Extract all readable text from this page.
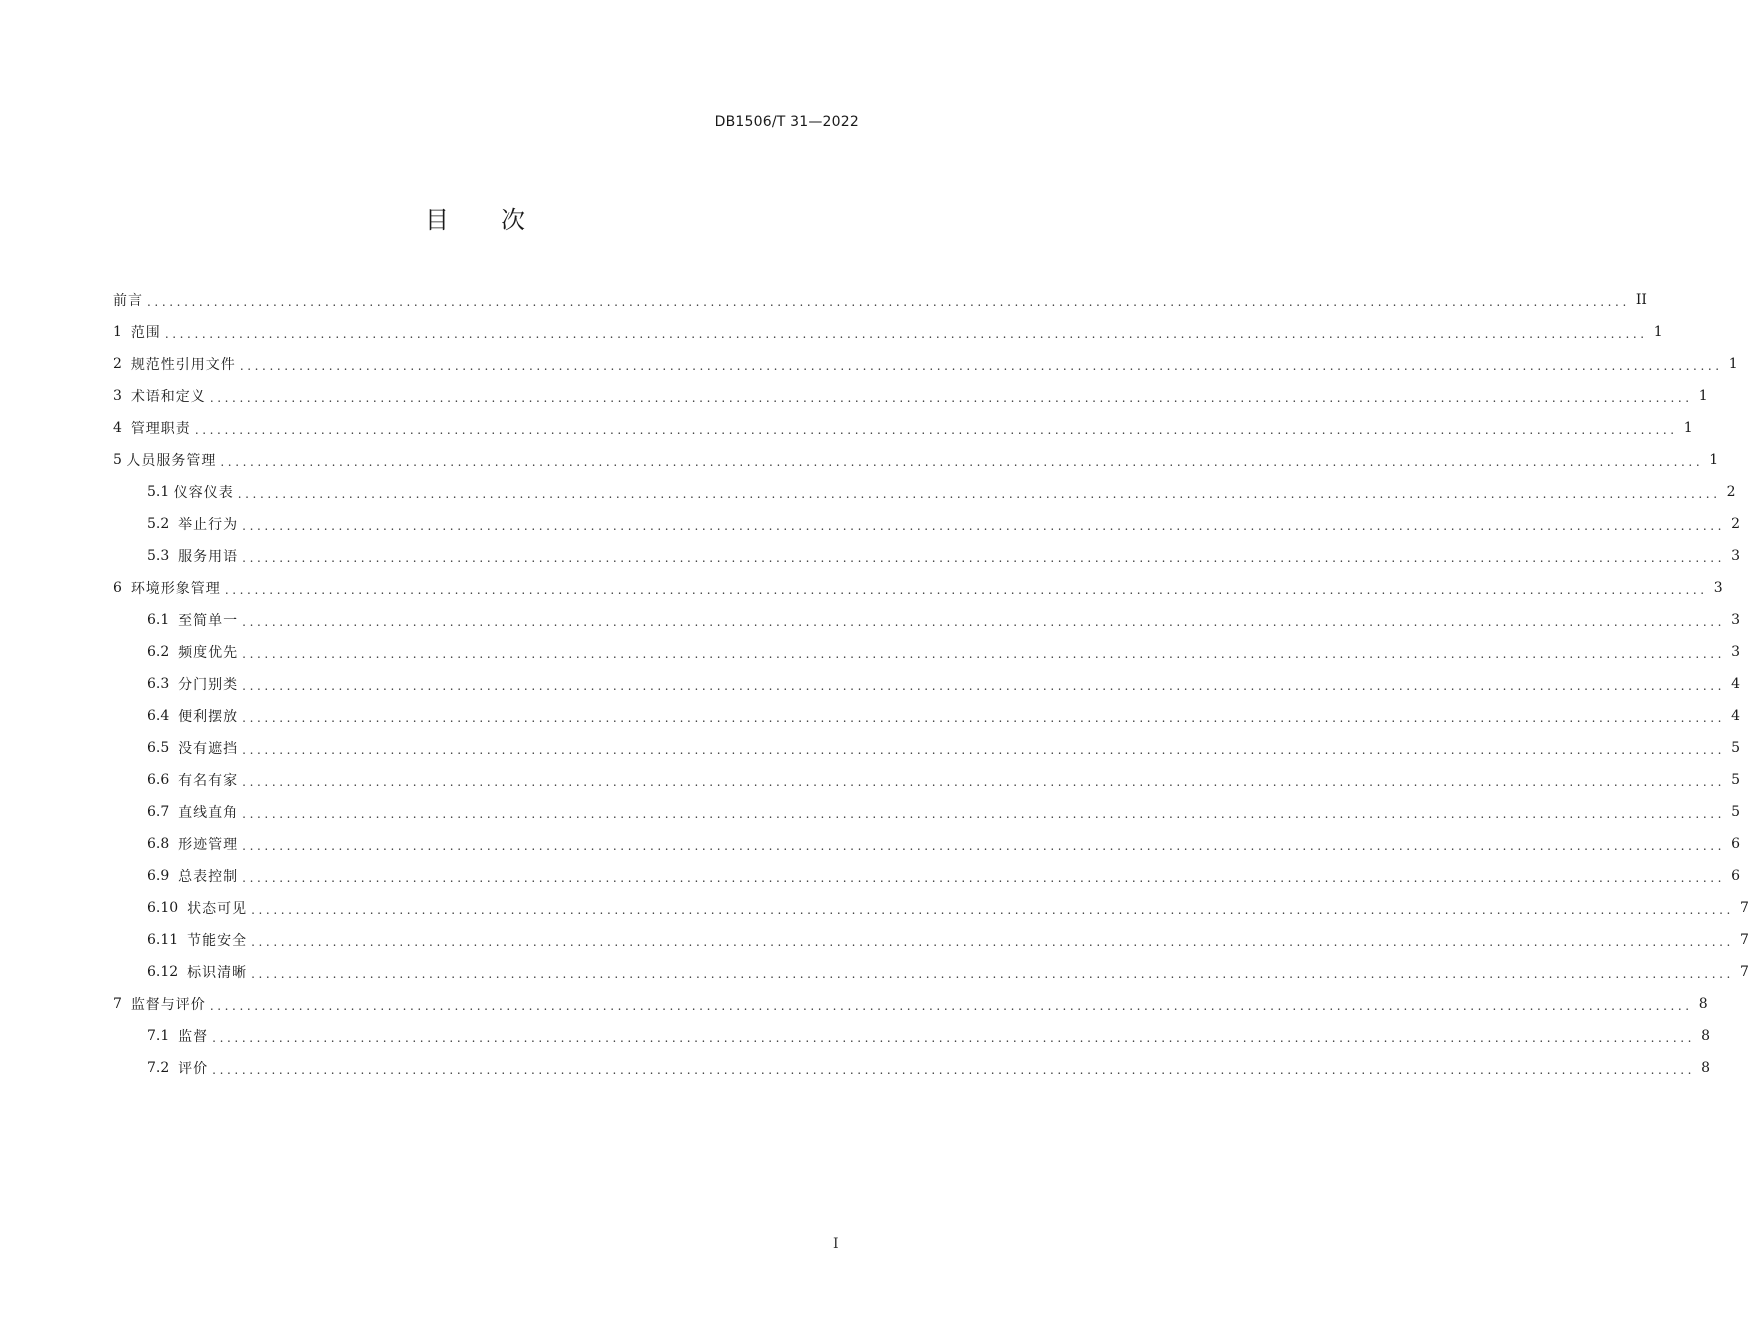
DB1506/T 31—2022
目 次
前言 ........................................................................................................................................................................................................ II
1 范围 ........................................................................................................................................................................................................ 1
2 规范性引用文件 ........................................................................................................................................................................................................ 1
3 术语和定义 ........................................................................................................................................................................................................ 1
4 管理职责 ........................................................................................................................................................................................................ 1
5 人员服务管理 ........................................................................................................................................................................................................ 1
5.1 仪容仪表 ........................................................................................................................................................................................................ 2
5.2 举止行为 ........................................................................................................................................................................................................ 2
5.3 服务用语 ........................................................................................................................................................................................................ 3
6 环境形象管理 ........................................................................................................................................................................................................ 3
6.1 至简单一 ........................................................................................................................................................................................................ 3
6.2 频度优先 ........................................................................................................................................................................................................ 3
6.3 分门别类 ........................................................................................................................................................................................................ 4
6.4 便利摆放 ........................................................................................................................................................................................................ 4
6.5 没有遮挡 ........................................................................................................................................................................................................ 5
6.6 有名有家 ........................................................................................................................................................................................................ 5
6.7 直线直角 ........................................................................................................................................................................................................ 5
6.8 形迹管理 ........................................................................................................................................................................................................ 6
6.9 总表控制 ........................................................................................................................................................................................................ 6
6.10 状态可见 ........................................................................................................................................................................................................ 7
6.11 节能安全 ........................................................................................................................................................................................................ 7
6.12 标识清晰 ........................................................................................................................................................................................................ 7
7 监督与评价 ........................................................................................................................................................................................................ 8
7.1 监督 ........................................................................................................................................................................................................ 8
7.2 评价 ........................................................................................................................................................................................................ 8
I
